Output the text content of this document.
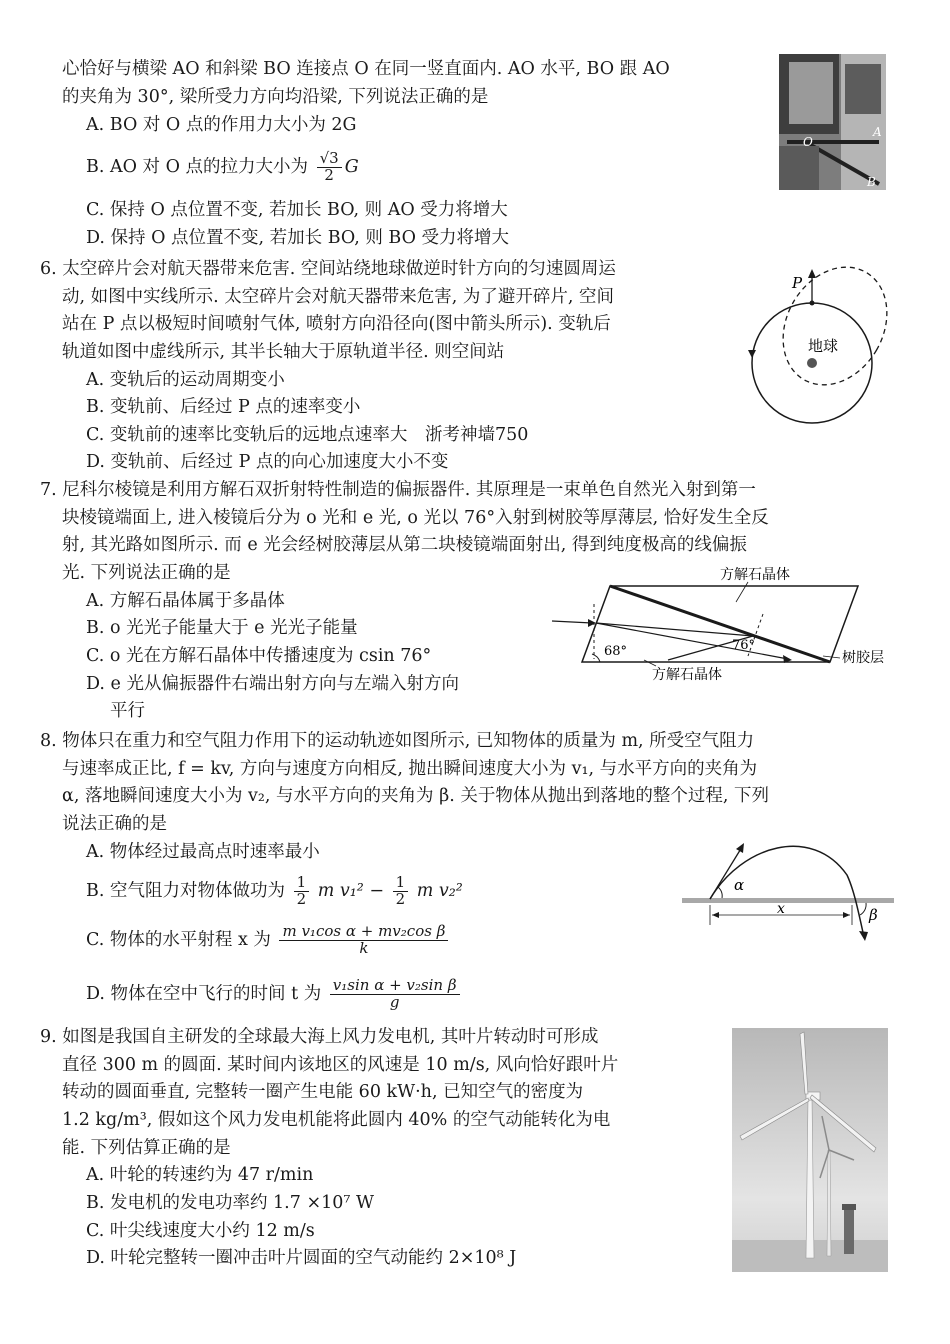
心恰好与横梁 AO 和斜梁 BO 连接点 O 在同一竖直面内. AO 水平, BO 跟 AO
的夹角为 30°, 梁所受力方向均沿梁, 下列说法正确的是
A. BO 对 O 点的作用力大小为 2G
B. AO 对 O 点的拉力大小为 $\frac{√3}{2}$ G
C. 保持 O 点位置不变, 若加长 BO, 则 AO 受力将增大
D. 保持 O 点位置不变, 若加长 BO, 则 BO 受力将增大
O
A
B
6. 太空碎片会对航天器带来危害. 空间站绕地球做逆时针方向的匀速圆周运
动, 如图中实线所示. 太空碎片会对航天器带来危害, 为了避开碎片, 空间
站在 P 点以极短时间喷射气体, 喷射方向沿径向(图中箭头所示). 变轨后
轨道如图中虚线所示, 其半长轴大于原轨道半径. 则空间站
A. 变轨后的运动周期变小
B. 变轨前、后经过 P 点的速率变小
C. 变轨前的速率比变轨后的远地点速率大 浙考神墙750
D. 变轨前、后经过 P 点的向心加速度大小不变
P
地球
7. 尼科尔棱镜是利用方解石双折射特性制造的偏振器件. 其原理是一束单色自然光入射到第一
块棱镜端面上, 进入棱镜后分为 o 光和 e 光, o 光以 76°入射到树胶等厚薄层, 恰好发生全反
射, 其光路如图所示. 而 e 光会经树胶薄层从第二块棱镜端面射出, 得到纯度极高的线偏振
光. 下列说法正确的是
A. 方解石晶体属于多晶体
B. o 光光子能量大于 e 光光子能量
C. o 光在方解石晶体中传播速度为 csin 76°
D. e 光从偏振器件右端出射方向与左端入射方向
平行
68°	76°
方解石晶体
方解石晶体
树胶层
8. 物体只在重力和空气阻力作用下的运动轨迹如图所示, 已知物体的质量为 m, 所受空气阻力
与速率成正比, f = kv, 方向与速度方向相反, 抛出瞬间速度大小为 v₁, 与水平方向的夹角为
α, 落地瞬间速度大小为 v₂, 与水平方向的夹角为 β. 关于物体从抛出到落地的整个过程, 下列
说法正确的是
A. 物体经过最高点时速率最小
B. 空气阻力对物体做功为 $\frac{1}{2}$ m $v_1^2 - \frac{1}{2}$ m v₂²
C. 物体的水平射程 x 为 $\frac{\text{m v₁cos α + mv₂cos β}}{k}$
D. 物体在空中飞行的时间 t 为 $\frac{\text{v₁sin α + v₂sin β}}{g}$
α
x	β
9. 如图是我国自主研发的全球最大海上风力发电机, 其叶片转动时可形成
直径 300 m 的圆面. 某时间内该地区的风速是 10 m/s, 风向恰好跟叶片
转动的圆面垂直, 完整转一圈产生电能 60 kW·h, 已知空气的密度为
1.2 kg/m³, 假如这个风力发电机能将此圆内 40% 的空气动能转化为电
能. 下列估算正确的是
A. 叶轮的转速约为 47 r/min
B. 发电机的发电功率约 1.7 ×10⁷ W
C. 叶尖线速度大小约 12 m/s
D. 叶轮完整转一圈冲击叶片圆面的空气动能约 2×10⁸ J
